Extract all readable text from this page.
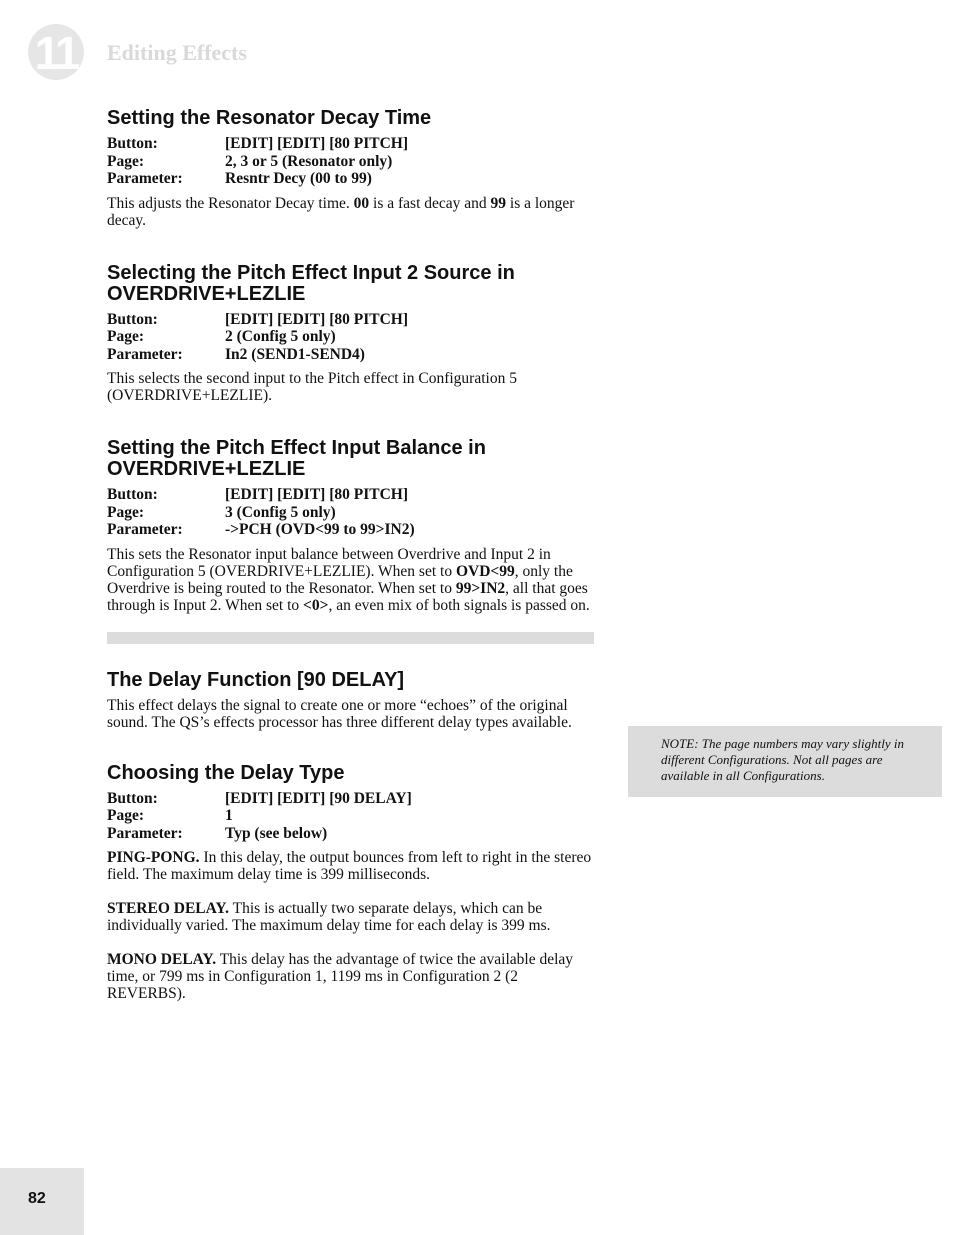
11	Editing Effects
Setting the Resonator Decay Time
Button:	[EDIT] [EDIT] [80 PITCH]
Page:	2, 3 or 5 (Resonator only)
Parameter:	Resntr Decy (00 to 99)

This adjusts the Resonator Decay time. 00 is a fast decay and 99 is a longer decay.

Selecting the Pitch Effect Input 2 Source in OVERDRIVE+LEZLIE
Button:	[EDIT] [EDIT] [80 PITCH]
Page:	2 (Config 5 only)
Parameter:	In2 (SEND1-SEND4)

This selects the second input to the Pitch effect in Configuration 5 (OVERDRIVE+LEZLIE).

Setting the Pitch Effect Input Balance in OVERDRIVE+LEZLIE
Button:	[EDIT] [EDIT] [80 PITCH]
Page:	3 (Config 5 only)
Parameter:	->PCH (OVD<99 to 99>IN2)

This sets the Resonator input balance between Overdrive and Input 2 in Configuration 5 (OVERDRIVE+LEZLIE). When set to OVD<99, only the Overdrive is being routed to the Resonator. When set to 99>IN2, all that goes through is Input 2. When set to <0>, an even mix of both signals is passed on.

The Delay Function [90 DELAY]

This effect delays the signal to create one or more “echoes” of the original sound. The QS’s effects processor has three different delay types available.

Choosing the Delay Type
Button:	[EDIT] [EDIT] [90 DELAY]
Page:	1
Parameter:	Typ (see below)

PING-PONG. In this delay, the output bounces from left to right in the stereo field. The maximum delay time is 399 milliseconds.

STEREO DELAY. This is actually two separate delays, which can be individually varied. The maximum delay time for each delay is 399 ms.

MONO DELAY. This delay has the advantage of twice the available delay time, or 799 ms in Configuration 1, 1199 ms in Configuration 2 (2 REVERBS).

NOTE: The page numbers may vary slightly in different Configurations. Not all pages are available in all Configurations.
82
